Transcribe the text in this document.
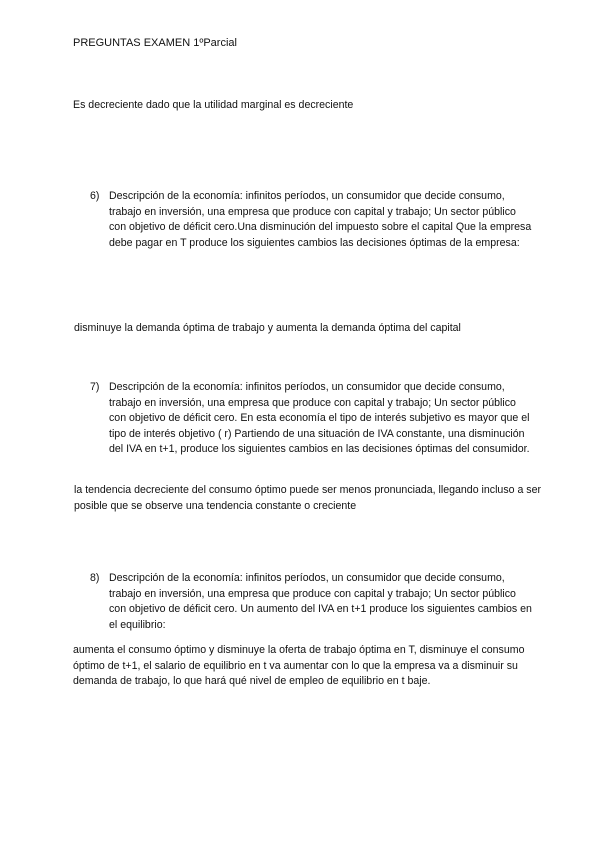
PREGUNTAS EXAMEN 1ºParcial

Es decreciente dado que la utilidad marginal es decreciente

6) Descripción de la economía: infinitos períodos, un consumidor que decide consumo, trabajo en inversión, una empresa que produce con capital y trabajo; Un sector público con objetivo de déficit cero.Una disminución del impuesto sobre el capital Que la empresa debe pagar en T produce los siguientes cambios las decisiones óptimas de la empresa:

disminuye la demanda óptima de trabajo y aumenta la demanda óptima del capital

7) Descripción de la economía: infinitos períodos, un consumidor que decide consumo, trabajo en inversión, una empresa que produce con capital y trabajo; Un sector público con objetivo de déficit cero. En esta economía el tipo de interés subjetivo es mayor que el tipo de interés objetivo ( r) Partiendo de una situación de IVA constante, una disminución del IVA en t+1, produce los siguientes cambios en las decisiones óptimas del consumidor.

la tendencia decreciente del consumo óptimo puede ser menos pronunciada, llegando incluso a ser posible que se observe una tendencia constante o creciente

8) Descripción de la economía: infinitos períodos, un consumidor que decide consumo, trabajo en inversión, una empresa que produce con capital y trabajo; Un sector público con objetivo de déficit cero. Un aumento del IVA en t+1 produce los siguientes cambios en el equilibrio:

aumenta el consumo óptimo y disminuye la oferta de trabajo óptima en T, disminuye el consumo óptimo de t+1, el salario de equilibrio en t va aumentar con lo que la empresa va a disminuir su demanda de trabajo, lo que hará qué nivel de empleo de equilibrio en t baje.
